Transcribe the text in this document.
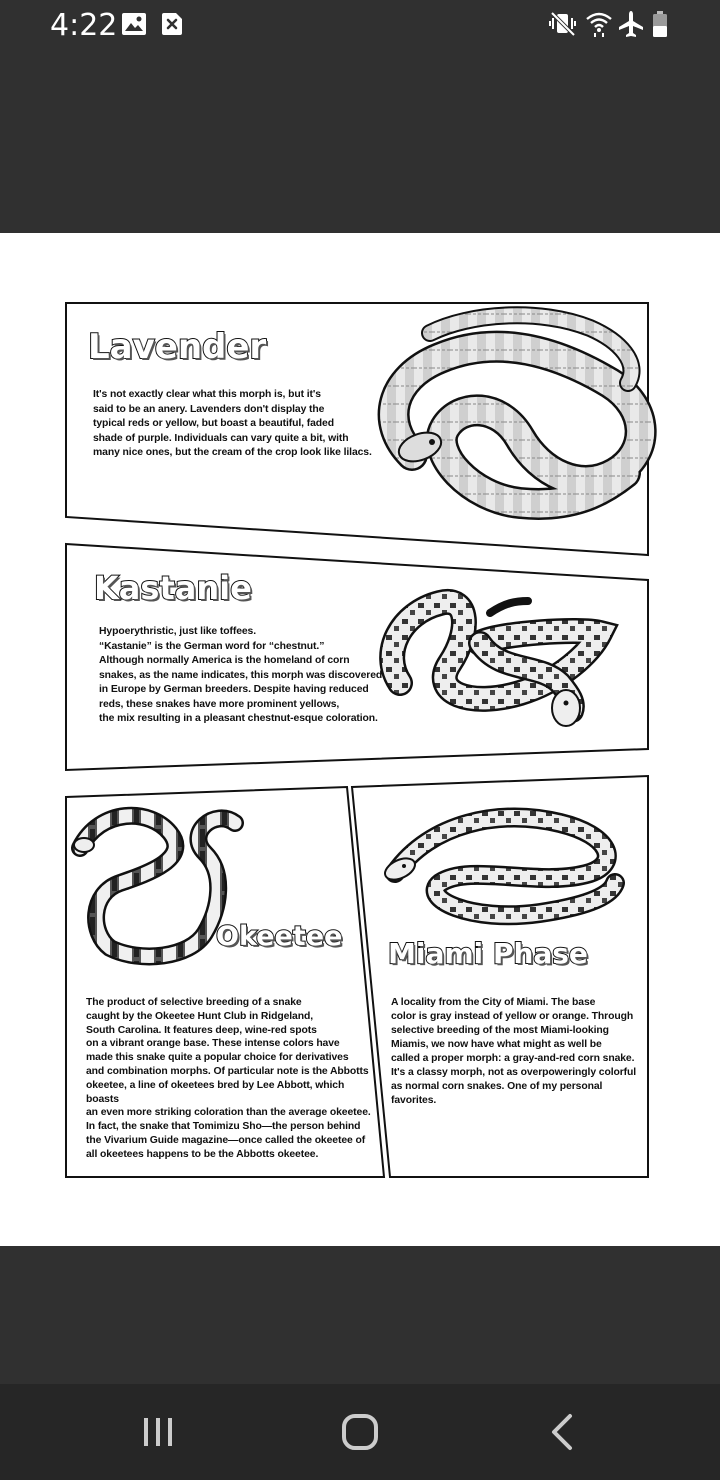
4:22
Lavender
Kastanie
Okeetee
Miami Phase
It's not exactly clear what this morph is, but it's
said to be an anery. Lavenders don't display the
typical reds or yellow, but boast a beautiful, faded
shade of purple. Individuals can vary quite a bit, with
many nice ones, but the cream of the crop look like lilacs.
Hypoerythristic, just like toffees.
“Kastanie” is the German word for “chestnut.”
Although normally America is the homeland of corn
snakes, as the name indicates, this morph was discovered
in Europe by German breeders. Despite having reduced
reds, these snakes have more prominent yellows,
the mix resulting in a pleasant chestnut-esque coloration.
The product of selective breeding of a snake
caught by the Okeetee Hunt Club in Ridgeland,
South Carolina. It features deep, wine-red spots
on a vibrant orange base. These intense colors have
made this snake quite a popular choice for derivatives
and combination morphs. Of particular note is the Abbotts
okeetee, a line of okeetees bred by Lee Abbott, which boasts
an even more striking coloration than the average okeetee.
In fact, the snake that Tomimizu Sho—the person behind
the Vivarium Guide magazine—once called the okeetee of
all okeetees happens to be the Abbotts okeetee.
A locality from the City of Miami. The base
color is gray instead of yellow or orange. Through
selective breeding of the most Miami-looking
Miamis, we now have what might as well be
called a proper morph: a gray-and-red corn snake.
It's a classy morph, not as overpoweringly colorful
as normal corn snakes. One of my personal favorites.
